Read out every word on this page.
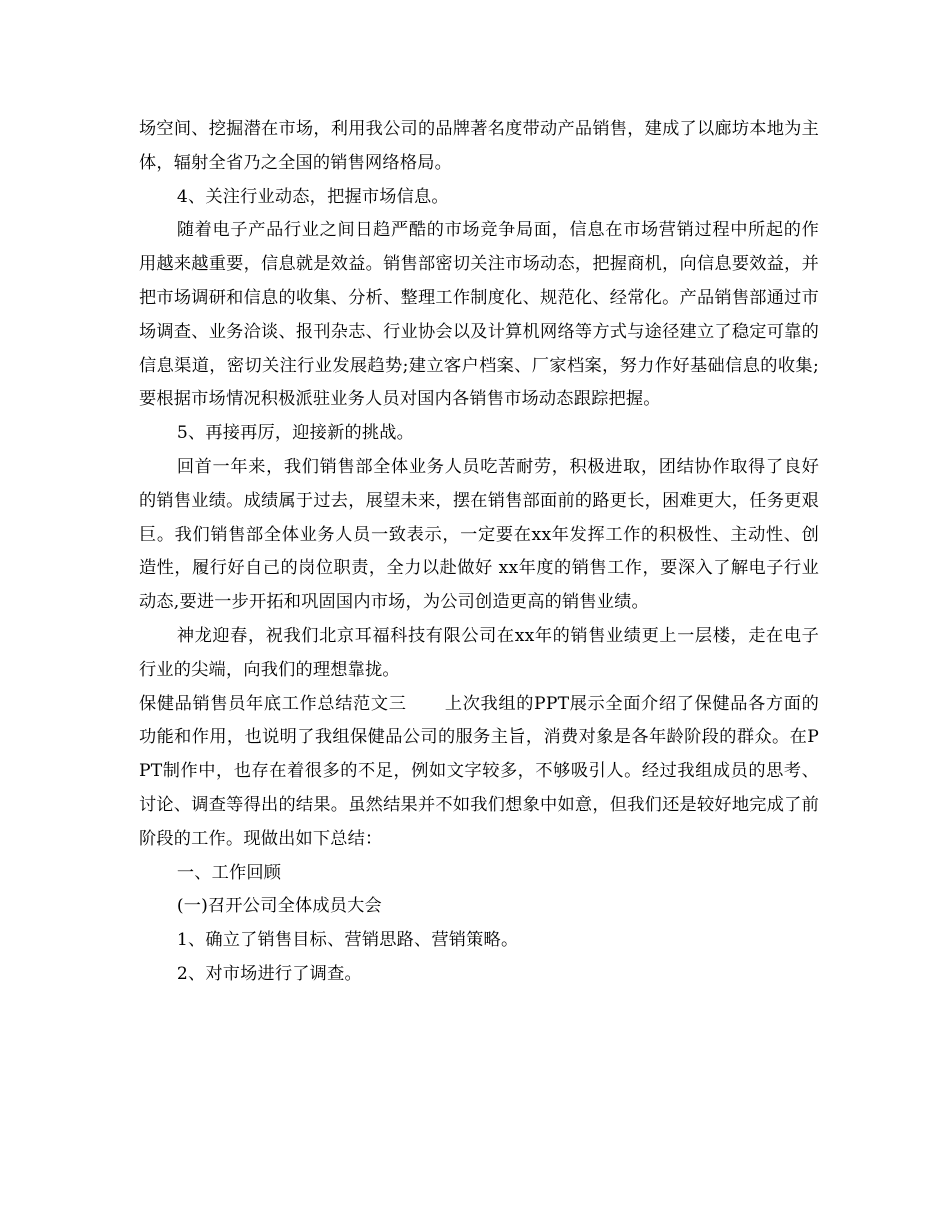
场空间、挖掘潜在市场，利用我公司的品牌著名度带动产品销售，建成了以廊坊本地为主体，辐射全省乃之全国的销售网络格局。

4、关注行业动态，把握市场信息。

随着电子产品行业之间日趋严酷的市场竞争局面，信息在市场营销过程中所起的作用越来越重要，信息就是效益。销售部密切关注市场动态，把握商机，向信息要效益，并把市场调研和信息的收集、分析、整理工作制度化、规范化、经常化。产品销售部通过市场调查、业务洽谈、报刊杂志、行业协会以及计算机网络等方式与途径建立了稳定可靠的信息渠道，密切关注行业发展趋势;建立客户档案、厂家档案，努力作好基础信息的收集;要根据市场情况积极派驻业务人员对国内各销售市场动态跟踪把握。

5、再接再厉，迎接新的挑战。

回首一年来，我们销售部全体业务人员吃苦耐劳，积极进取，团结协作取得了良好的销售业绩。成绩属于过去，展望未来，摆在销售部面前的路更长，困难更大，任务更艰巨。我们销售部全体业务人员一致表示，一定要在xx年发挥工作的积极性、主动性、创造性，履行好自己的岗位职责，全力以赴做好 xx年度的销售工作，要深入了解电子行业动态,要进一步开拓和巩固国内市场，为公司创造更高的销售业绩。

神龙迎春，祝我们北京耳福科技有限公司在xx年的销售业绩更上一层楼，走在电子行业的尖端，向我们的理想靠拢。

保健品销售员年底工作总结范文三 上次我组的PPT展示全面介绍了保健品各方面的功能和作用，也说明了我组保健品公司的服务主旨，消费对象是各年龄阶段的群众。在PPT制作中，也存在着很多的不足，例如文字较多，不够吸引人。经过我组成员的思考、讨论、调查等得出的结果。虽然结果并不如我们想象中如意，但我们还是较好地完成了前阶段的工作。现做出如下总结：

一、工作回顾

(一)召开公司全体成员大会

1、确立了销售目标、营销思路、营销策略。

2、对市场进行了调查。
